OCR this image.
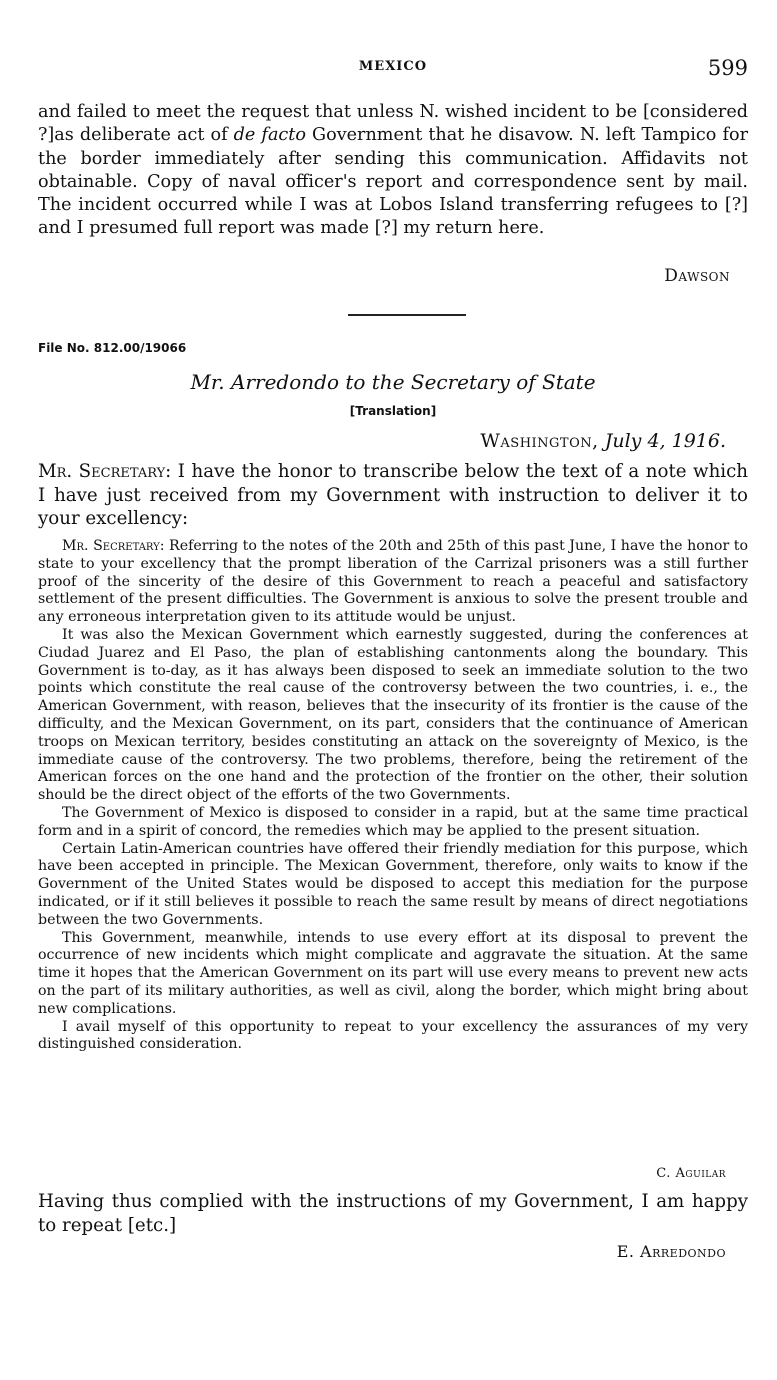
MEXICO	599

and failed to meet the request that unless N. wished incident to be [considered ?]as deliberate act of de facto Government that he disavow. N. left Tampico for the border immediately after sending this communication. Affidavits not obtainable. Copy of naval officer's report and correspondence sent by mail. The incident occurred while I was at Lobos Island transferring refugees to [?] and I presumed full report was made [?] my return here.

Dawson
File No. 812.00/19066
Mr. Arredondo to the Secretary of State
[Translation]
Washington, July 4, 1916.

Mr. Secretary: I have the honor to transcribe below the text of a note which I have just received from my Government with instruction to deliver it to your excellency:

Mr. Secretary: Referring to the notes of the 20th and 25th of this past June, I have the honor to state to your excellency that the prompt liberation of the Carrizal prisoners was a still further proof of the sincerity of the desire of this Government to reach a peaceful and satisfactory settlement of the present difficulties. The Government is anxious to solve the present trouble and any erroneous interpretation given to its attitude would be unjust.

It was also the Mexican Government which earnestly suggested, during the conferences at Ciudad Juarez and El Paso, the plan of establishing cantonments along the boundary. This Government is to-day, as it has always been disposed to seek an immediate solution to the two points which constitute the real cause of the controversy between the two countries, i. e., the American Government, with reason, believes that the insecurity of its frontier is the cause of the difficulty, and the Mexican Government, on its part, considers that the continuance of American troops on Mexican territory, besides constituting an attack on the sovereignty of Mexico, is the immediate cause of the controversy. The two problems, therefore, being the retirement of the American forces on the one hand and the protection of the frontier on the other, their solution should be the direct object of the efforts of the two Governments.

The Government of Mexico is disposed to consider in a rapid, but at the same time practical form and in a spirit of concord, the remedies which may be applied to the present situation.

Certain Latin-American countries have offered their friendly mediation for this purpose, which have been accepted in principle. The Mexican Government, therefore, only waits to know if the Government of the United States would be disposed to accept this mediation for the purpose indicated, or if it still believes it possible to reach the same result by means of direct negotiations between the two Governments.

This Government, meanwhile, intends to use every effort at its disposal to prevent the occurrence of new incidents which might complicate and aggravate the situation. At the same time it hopes that the American Government on its part will use every means to prevent new acts on the part of its military authorities, as well as civil, along the border, which might bring about new complications.

I avail myself of this opportunity to repeat to your excellency the assurances of my very distinguished consideration.

C. Aguilar

Having thus complied with the instructions of my Government, I am happy to repeat [etc.]

E. Arredondo
